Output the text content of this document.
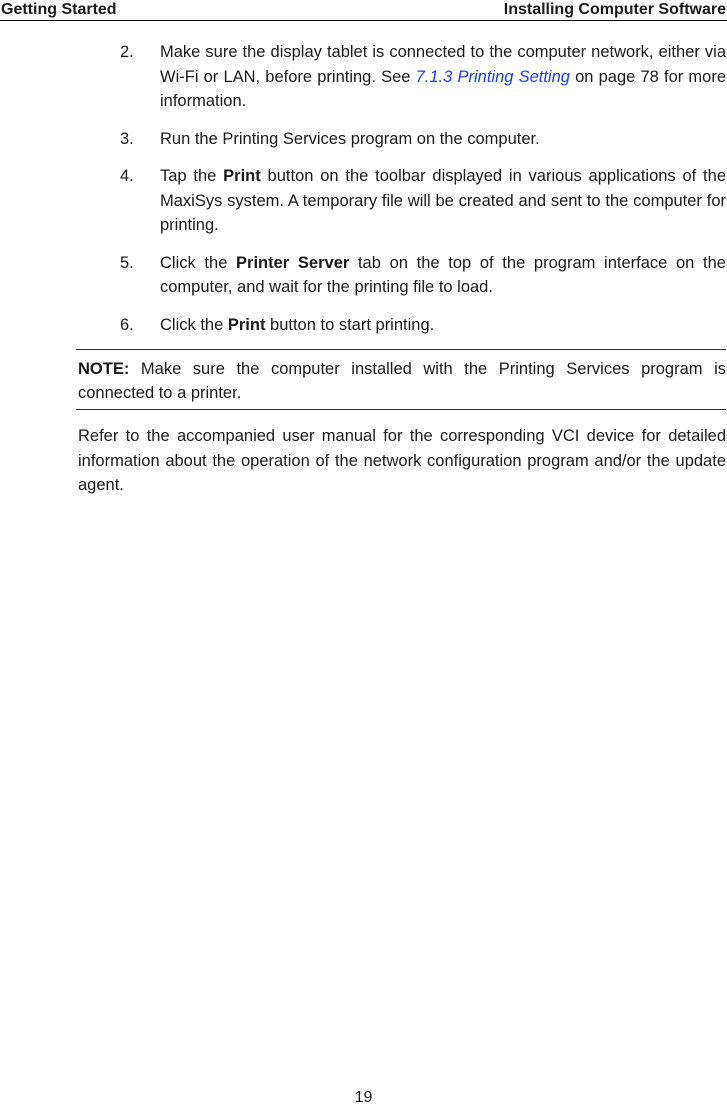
Getting Started	Installing Computer Software
2. Make sure the display tablet is connected to the computer network, either via Wi-Fi or LAN, before printing. See 7.1.3 Printing Setting on page 78 for more information.
3. Run the Printing Services program on the computer.
4. Tap the Print button on the toolbar displayed in various applications of the MaxiSys system. A temporary file will be created and sent to the computer for printing.
5. Click the Printer Server tab on the top of the program interface on the computer, and wait for the printing file to load.
6. Click the Print button to start printing.
NOTE: Make sure the computer installed with the Printing Services program is connected to a printer.
Refer to the accompanied user manual for the corresponding VCI device for detailed information about the operation of the network configuration program and/or the update agent.
19
